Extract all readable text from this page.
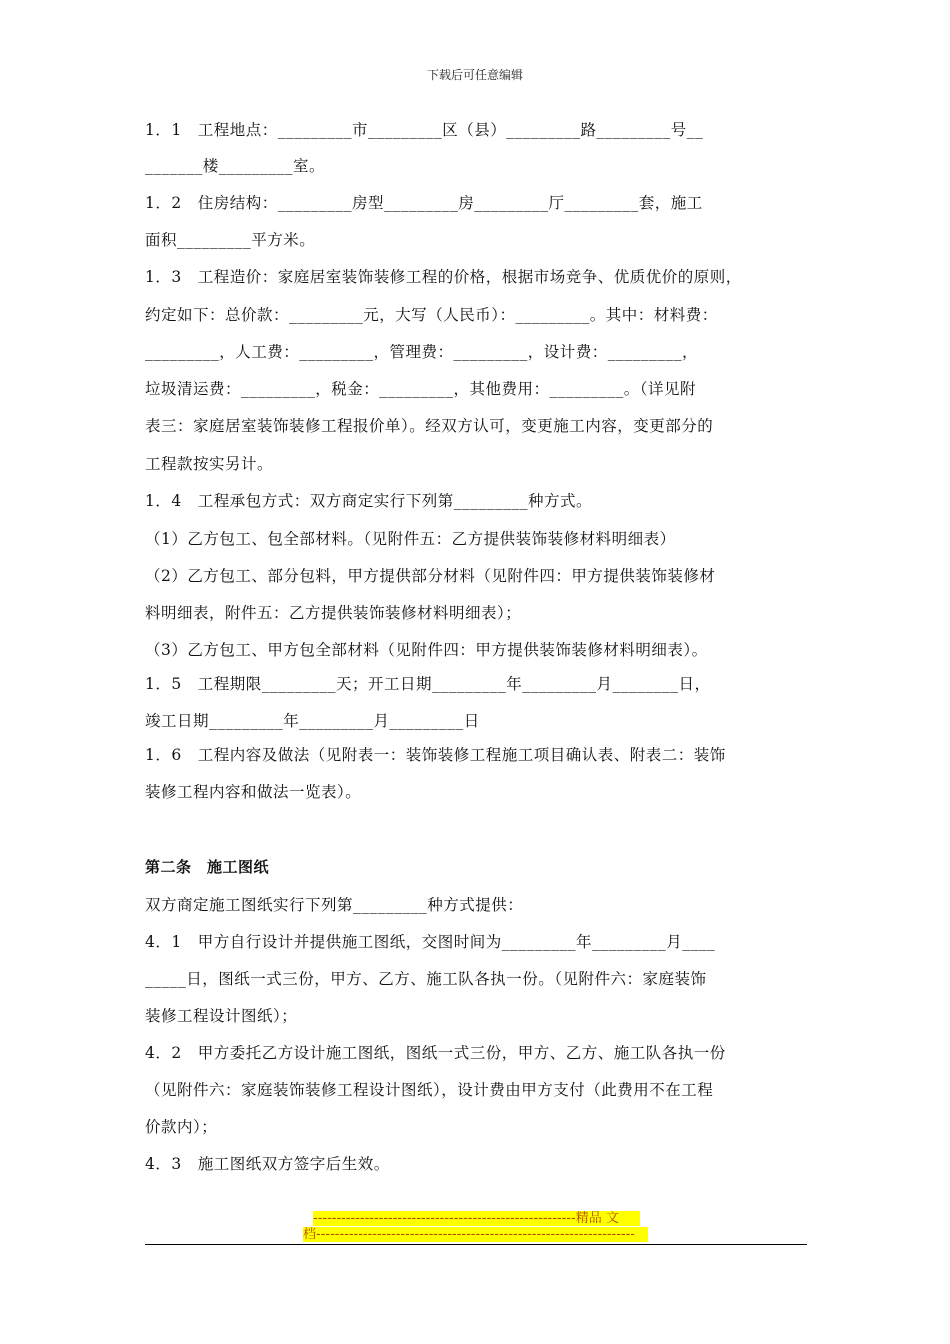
下载后可任意编辑
1．1　工程地点：_________市_________区（县）_________路_________号__
_______楼_________室。
1．2　住房结构：_________房型_________房_________厅_________套，施工
面积_________平方米。
1．3　工程造价：家庭居室装饰装修工程的价格，根据市场竞争、优质优价的原则，
约定如下：总价款：_________元，大写（人民币）：_________。其中：材料费：
_________，人工费：_________，管理费：_________，设计费：_________，
垃圾清运费：_________，税金：_________，其他费用：_________。（详见附
表三：家庭居室装饰装修工程报价单）。经双方认可，变更施工内容，变更部分的
工程款按实另计。
1．4　工程承包方式：双方商定实行下列第_________种方式。
（1）乙方包工、包全部材料。（见附件五：乙方提供装饰装修材料明细表）
（2）乙方包工、部分包料，甲方提供部分材料（见附件四：甲方提供装饰装修材
料明细表，附件五：乙方提供装饰装修材料明细表）；
（3）乙方包工、甲方包全部材料（见附件四：甲方提供装饰装修材料明细表）。
1．5　工程期限_________天；开工日期_________年_________月________日，
竣工日期_________年_________月_________日
1．6　工程内容及做法（见附表一：装饰装修工程施工项目确认表、附表二：装饰
装修工程内容和做法一览表）。
第二条　施工图纸
双方商定施工图纸实行下列第_________种方式提供：
4．1　甲方自行设计并提供施工图纸，交图时间为_________年_________月____
_____日，图纸一式三份，甲方、乙方、施工队各执一份。（见附件六：家庭装饰
装修工程设计图纸）；
4．2　甲方委托乙方设计施工图纸，图纸一式三份，甲方、乙方、施工队各执一份
（见附件六：家庭装饰装修工程设计图纸），设计费由甲方支付（此费用不在工程
价款内）；
4．3　施工图纸双方签字后生效。
--------------------------------------------------------精品 文
档--------------------------------------------------------------------
